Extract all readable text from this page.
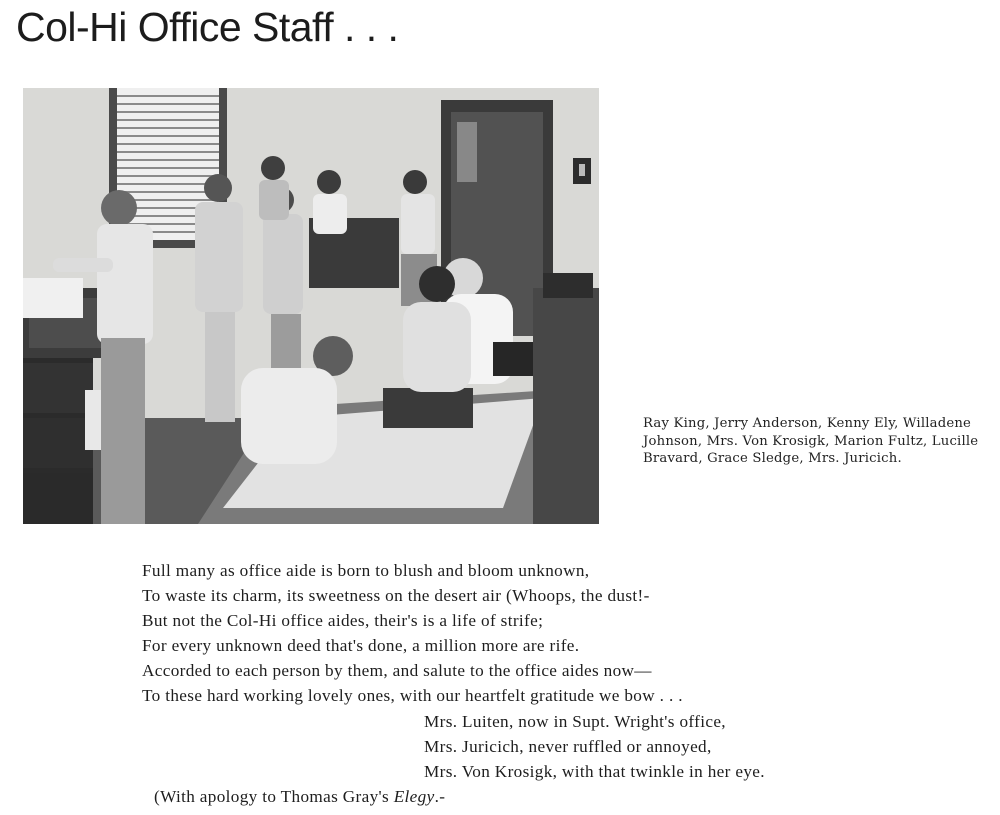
Col-Hi Office Staff . . .

Ray King, Jerry Anderson, Kenny Ely, Willadene Johnson, Mrs. Von Krosigk, Marion Fultz, Lucille Bravard, Grace Sledge, Mrs. Juricich.

Full many as office aide is born to blush and bloom unknown,
To waste its charm, its sweetness on the desert air (Whoops, the dust!-
But not the Col-Hi office aides, their's is a life of strife;
For every unknown deed that's done, a million more are rife.
Accorded to each person by them, and salute to the office aides now—
To these hard working lovely ones, with our heartfelt gratitude we bow . . .
Mrs. Luiten, now in Supt. Wright's office,
Mrs. Juricich, never ruffled or annoyed,
Mrs. Von Krosigk, with that twinkle in her eye.
(With apology to Thomas Gray's Elegy.-
